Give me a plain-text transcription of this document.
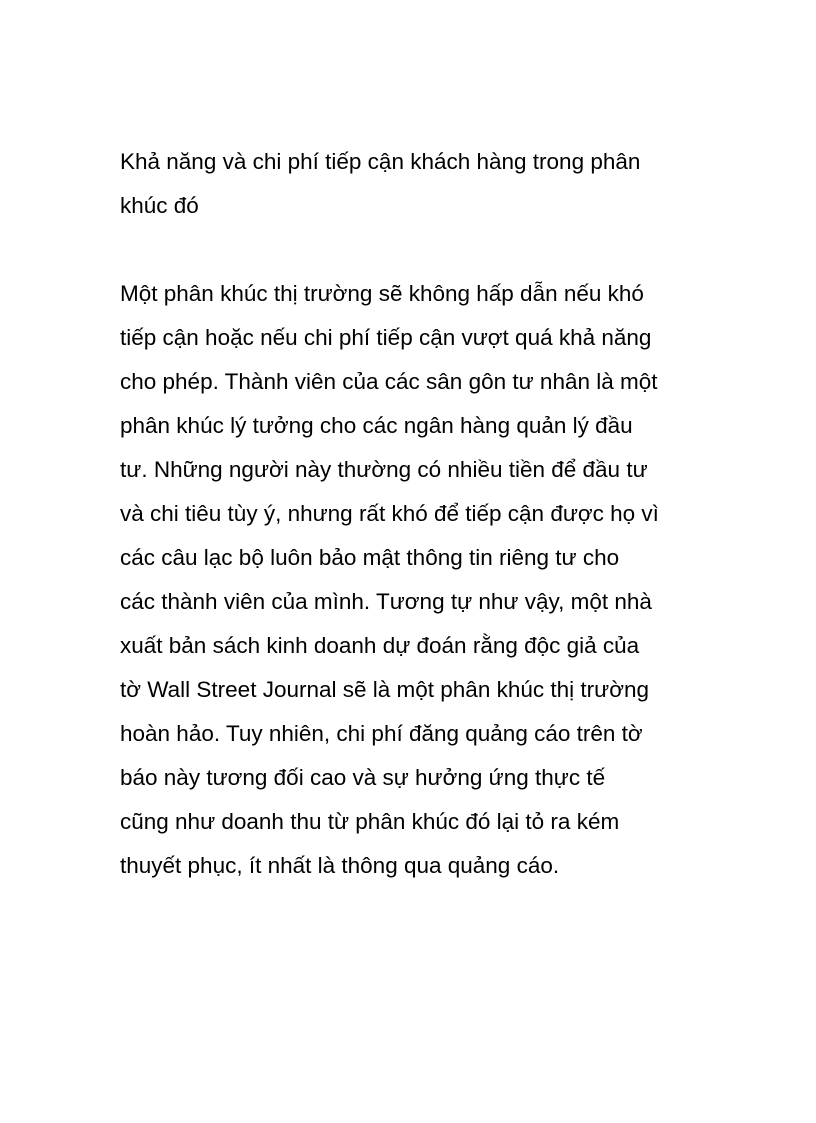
Khả năng và chi phí tiếp cận khách hàng trong phân
khúc đó
Một phân khúc thị trường sẽ không hấp dẫn nếu khó
tiếp cận hoặc nếu chi phí tiếp cận vượt quá khả năng
cho phép. Thành viên của các sân gôn tư nhân là một
phân khúc lý tưởng cho các ngân hàng quản lý đầu
tư. Những người này thường có nhiều tiền để đầu tư
và chi tiêu tùy ý, nhưng rất khó để tiếp cận được họ vì
các câu lạc bộ luôn bảo mật thông tin riêng tư cho
các thành viên của mình. Tương tự như vậy, một nhà
xuất bản sách kinh doanh dự đoán rằng độc giả của
tờ Wall Street Journal sẽ là một phân khúc thị trường
hoàn hảo. Tuy nhiên, chi phí đăng quảng cáo trên tờ
báo này tương đối cao và sự hưởng ứng thực tế
cũng như doanh thu từ phân khúc đó lại tỏ ra kém
thuyết phục, ít nhất là thông qua quảng cáo.
